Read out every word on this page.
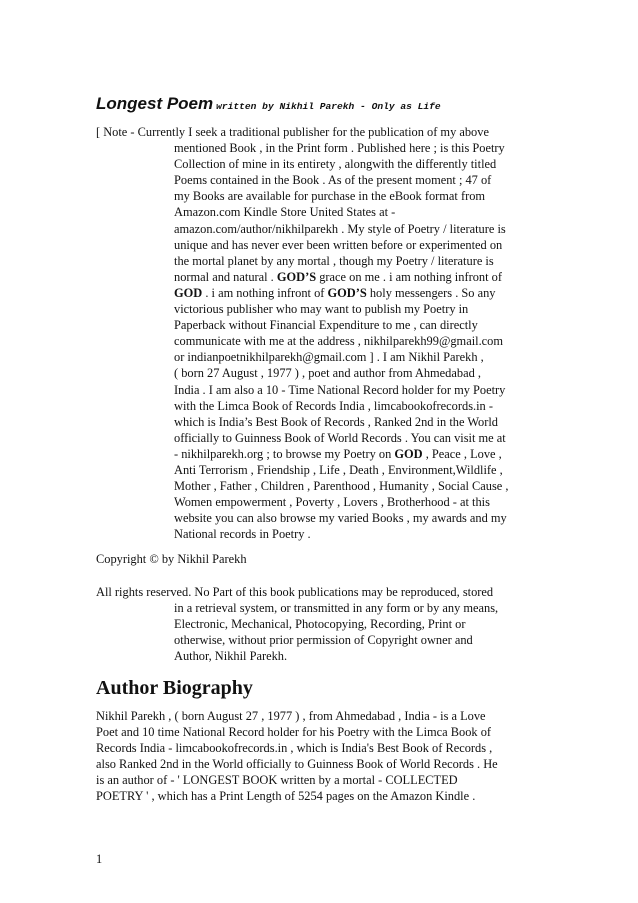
Longest Poem written by Nikhil Parekh - Only as Life
[ Note - Currently I seek a traditional publisher for the publication of my above
mentioned Book , in the Print form . Published here ; is this Poetry
Collection of mine in its entirety , alongwith the differently titled
Poems contained in the Book . As of the present moment ; 47 of
my Books are available for purchase in the eBook format from
Amazon.com Kindle Store United States at -
amazon.com/author/nikhilparekh . My style of Poetry / literature is
unique and has never ever been written before or experimented on
the mortal planet by any mortal , though my Poetry / literature is
normal and natural . GOD’S grace on me . i am nothing infront of
GOD . i am nothing infront of GOD’S holy messengers . So any
victorious publisher who may want to publish my Poetry in
Paperback without Financial Expenditure to me , can directly
communicate with me at the address , nikhilparekh99@gmail.com
or indianpoetnikhilparekh@gmail.com ] . I am Nikhil Parekh ,
( born 27 August , 1977 ) , poet and author from Ahmedabad ,
India . I am also a 10 - Time National Record holder for my Poetry
with the Limca Book of Records India , limcabookofrecords.in -
which is India’s Best Book of Records , Ranked 2nd in the World
officially to Guinness Book of World Records . You can visit me at
- nikhilparekh.org ; to browse my Poetry on GOD , Peace , Love ,
Anti Terrorism , Friendship , Life , Death , Environment,Wildlife ,
Mother , Father , Children , Parenthood , Humanity , Social Cause ,
Women empowerment , Poverty , Lovers , Brotherhood - at this
website you can also browse my varied Books , my awards and my
National records in Poetry .

Copyright © by Nikhil Parekh

All rights reserved. No Part of this book publications may be reproduced, stored
in a retrieval system, or transmitted in any form or by any means,
Electronic, Mechanical, Photocopying, Recording, Print or
otherwise, without prior permission of Copyright owner and
Author, Nikhil Parekh.
Author Biography
Nikhil Parekh , ( born August 27 , 1977 ) , from Ahmedabad , India - is a Love
Poet and 10 time National Record holder for his Poetry with the Limca Book of
Records India - limcabookofrecords.in , which is India's Best Book of Records ,
also Ranked 2nd in the World officially to Guinness Book of World Records . He
is an author of - ' LONGEST BOOK written by a mortal - COLLECTED
POETRY ' , which has a Print Length of 5254 pages on the Amazon Kindle .

1
